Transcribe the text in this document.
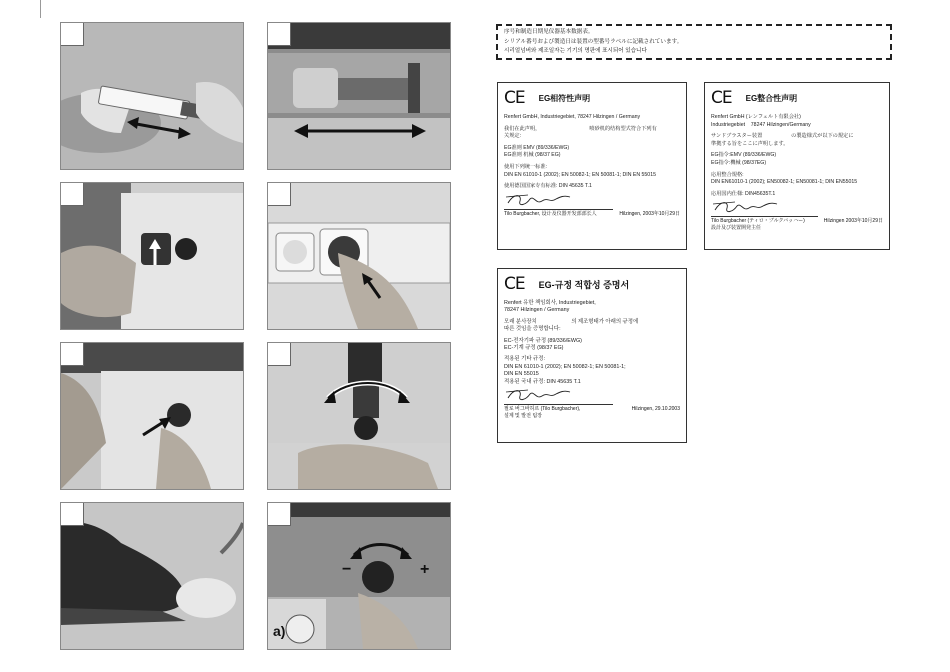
a)
−	+
序号和制造日期见仪器基本数据表。
シリアル番号および製造日は装置の型番号ラベルに記載されています。
시리얼넘버와 제조일자는 기기의 명판에 표시되어 있습니다
CE EG相符性声明
Renfert GmbH, Industriegebiet, 78247 Hilzingen / Germany
我们在此声明，                                  喷砂机的结构型式符合下列有
关规定:
EG准则 EMV (89/336/EWG)
EG准则 机械 (98/37 EG)
使用下列统一标准:
DIN EN 61010-1 (2002); EN 50082-1; EN 50081-1; DIN EN 55015
使用德国国家专有标准: DIN 45635 T.1
Tilo Burgbacher, 设计及仪器开发部部长人	Hilzingen, 2003年10月29日
CE EG整合性声明
Renfert GmbH (レンフェルト有限会社)
Industriegebiet    78247 Hilzingen/Germany
サンドブラスター装置                    の製造様式が以下の規定に
準拠する旨をここに声明します。
EG指令:EMV (89/336/EWG)
EG指令:機械 (98/37EG)
応用整合規格:
DIN EN61010-1 (2002); EN50082-1; EN50081-1; DIN EN55015
応用国内仕様: DIN45635T.1
Tilo Burgbacher (ティロ・ブルクバッハー)
設計及び装置開発主任
Hilzingen 2003年10月29日
CE EG-규정 적합성 증명서
Renfert 유한 책임회사, Industriegebiet,
78247 Hilzingen / Germany
모래 분사장치                       의 제조형태가 아래의 규정에
따른 것임을 증명합니다:
EC-전자기파 규정 (89/336/EWG)
EC-기계 규정 (98/37 EG)
적용된 기타 규정:
DIN EN 61010-1 (2002); EN 50082-1; EN 50081-1;
DIN EN 55015
적용된 국내 규정: DIN 45635 T.1
필로 버그바허르 (Tilo Burgbacher),
설계 및 발전 팀장
Hilzingen, 29.10.2003
